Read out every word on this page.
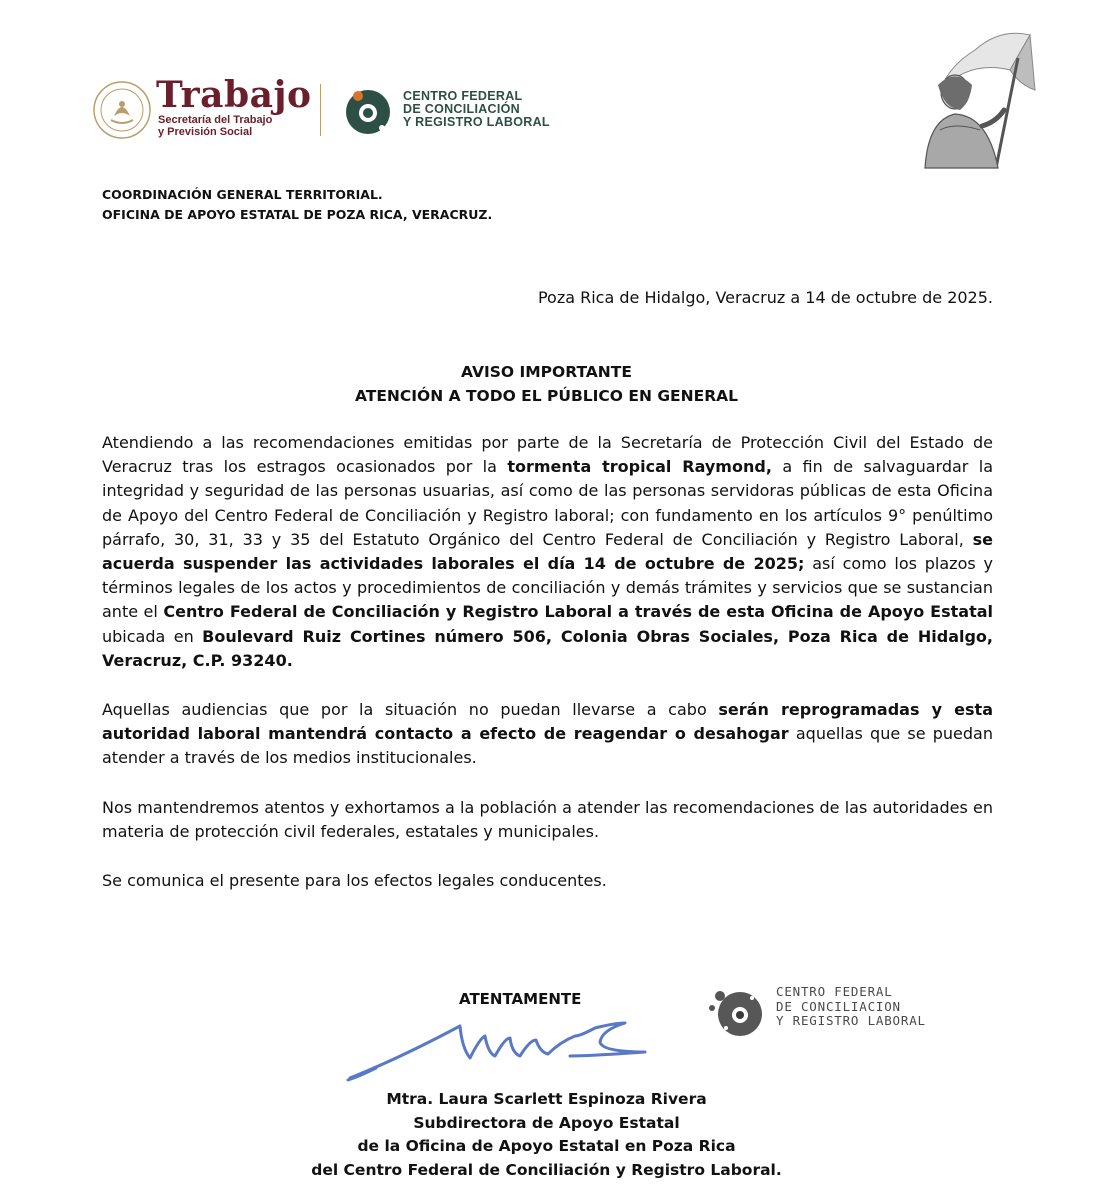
Trabajo
Secretaría del Trabajo
y Previsión Social
CENTRO FEDERAL
DE CONCILIACIÓN
Y REGISTRO LABORAL
COORDINACIÓN GENERAL TERRITORIAL.
OFICINA DE APOYO ESTATAL DE POZA RICA, VERACRUZ.
Poza Rica de Hidalgo, Veracruz a 14 de octubre de 2025.
AVISO IMPORTANTE
ATENCIÓN A TODO EL PÚBLICO EN GENERAL
Atendiendo a las recomendaciones emitidas por parte de la Secretaría de Protección Civil del Estado de Veracruz tras los estragos ocasionados por la tormenta tropical Raymond, a fin de salvaguardar la integridad y seguridad de las personas usuarias, así como de las personas servidoras públicas de esta Oficina de Apoyo del Centro Federal de Conciliación y Registro laboral; con fundamento en los artículos 9° penúltimo párrafo, 30, 31, 33 y 35 del Estatuto Orgánico del Centro Federal de Conciliación y Registro Laboral, se acuerda suspender las actividades laborales el día 14 de octubre de 2025; así como los plazos y términos legales de los actos y procedimientos de conciliación y demás trámites y servicios que se sustancian ante el Centro Federal de Conciliación y Registro Laboral a través de esta Oficina de Apoyo Estatal ubicada en Boulevard Ruiz Cortines número 506, Colonia Obras Sociales, Poza Rica de Hidalgo, Veracruz, C.P. 93240.
Aquellas audiencias que por la situación no puedan llevarse a cabo serán reprogramadas y esta autoridad laboral mantendrá contacto a efecto de reagendar o desahogar aquellas que se puedan atender a través de los medios institucionales.
Nos mantendremos atentos y exhortamos a la población a atender las recomendaciones de las autoridades en materia de protección civil federales, estatales y municipales.
Se comunica el presente para los efectos legales conducentes.
ATENTAMENTE	CENTRO FEDERAL
DE CONCILIACION
Y REGISTRO LABORAL
Mtra. Laura Scarlett Espinoza Rivera
Subdirectora de Apoyo Estatal
de la Oficina de Apoyo Estatal en Poza Rica
del Centro Federal de Conciliación y Registro Laboral.
